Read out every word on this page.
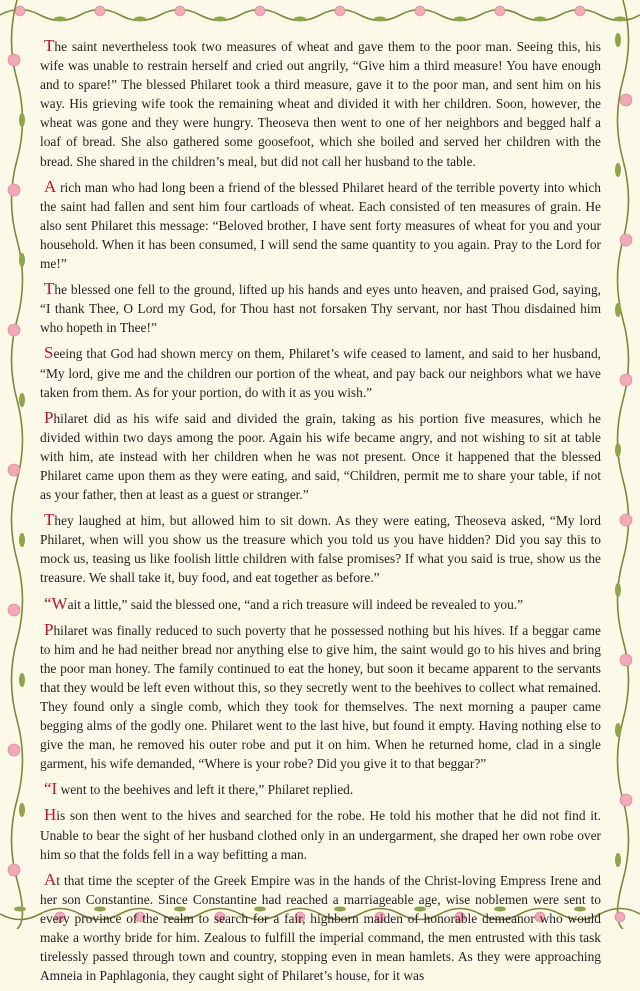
The saint nevertheless took two measures of wheat and gave them to the poor man. Seeing this, his wife was unable to restrain herself and cried out angrily, “Give him a third measure! You have enough and to spare!” The blessed Philaret took a third measure, gave it to the poor man, and sent him on his way. His grieving wife took the remaining wheat and divided it with her children. Soon, however, the wheat was gone and they were hungry. Theoseva then went to one of her neighbors and begged half a loaf of bread. She also gathered some goosefoot, which she boiled and served her children with the bread. She shared in the children’s meal, but did not call her husband to the table.

A rich man who had long been a friend of the blessed Philaret heard of the terrible poverty into which the saint had fallen and sent him four cartloads of wheat. Each consisted of ten measures of grain. He also sent Philaret this message: “Beloved brother, I have sent forty measures of wheat for you and your household. When it has been consumed, I will send the same quantity to you again. Pray to the Lord for me!”

The blessed one fell to the ground, lifted up his hands and eyes unto heaven, and praised God, saying, “I thank Thee, O Lord my God, for Thou hast not forsaken Thy servant, nor hast Thou disdained him who hopeth in Thee!”

Seeing that God had shown mercy on them, Philaret’s wife ceased to lament, and said to her husband, “My lord, give me and the children our portion of the wheat, and pay back our neighbors what we have taken from them. As for your portion, do with it as you wish.”

Philaret did as his wife said and divided the grain, taking as his portion five measures, which he divided within two days among the poor. Again his wife became angry, and not wishing to sit at table with him, ate instead with her children when he was not present. Once it happened that the blessed Philaret came upon them as they were eating, and said, “Children, permit me to share your table, if not as your father, then at least as a guest or stranger.”

They laughed at him, but allowed him to sit down. As they were eating, Theoseva asked, “My lord Philaret, when will you show us the treasure which you told us you have hidden? Did you say this to mock us, teasing us like foolish little children with false promises? If what you said is true, show us the treasure. We shall take it, buy food, and eat together as before.”

“Wait a little,” said the blessed one, “and a rich treasure will indeed be revealed to you.”

Philaret was finally reduced to such poverty that he possessed nothing but his hives. If a beggar came to him and he had neither bread nor anything else to give him, the saint would go to his hives and bring the poor man honey. The family continued to eat the honey, but soon it became apparent to the servants that they would be left even without this, so they secretly went to the beehives to collect what remained. They found only a single comb, which they took for themselves. The next morning a pauper came begging alms of the godly one. Philaret went to the last hive, but found it empty. Having nothing else to give the man, he removed his outer robe and put it on him. When he returned home, clad in a single garment, his wife demanded, “Where is your robe? Did you give it to that beggar?”

“I went to the beehives and left it there,” Philaret replied.

His son then went to the hives and searched for the robe. He told his mother that he did not find it. Unable to bear the sight of her husband clothed only in an undergarment, she draped her own robe over him so that the folds fell in a way befitting a man.

At that time the scepter of the Greek Empire was in the hands of the Christ-loving Empress Irene and her son Constantine. Since Constantine had reached a marriageable age, wise noblemen were sent to every province of the realm to search for a fair, highborn maiden of honorable demeanor who would make a worthy bride for him. Zealous to fulfill the imperial command, the men entrusted with this task tirelessly passed through town and country, stopping even in mean hamlets. As they were approaching Amneia in Paphlagonia, they caught sight of Philaret’s house, for it was
